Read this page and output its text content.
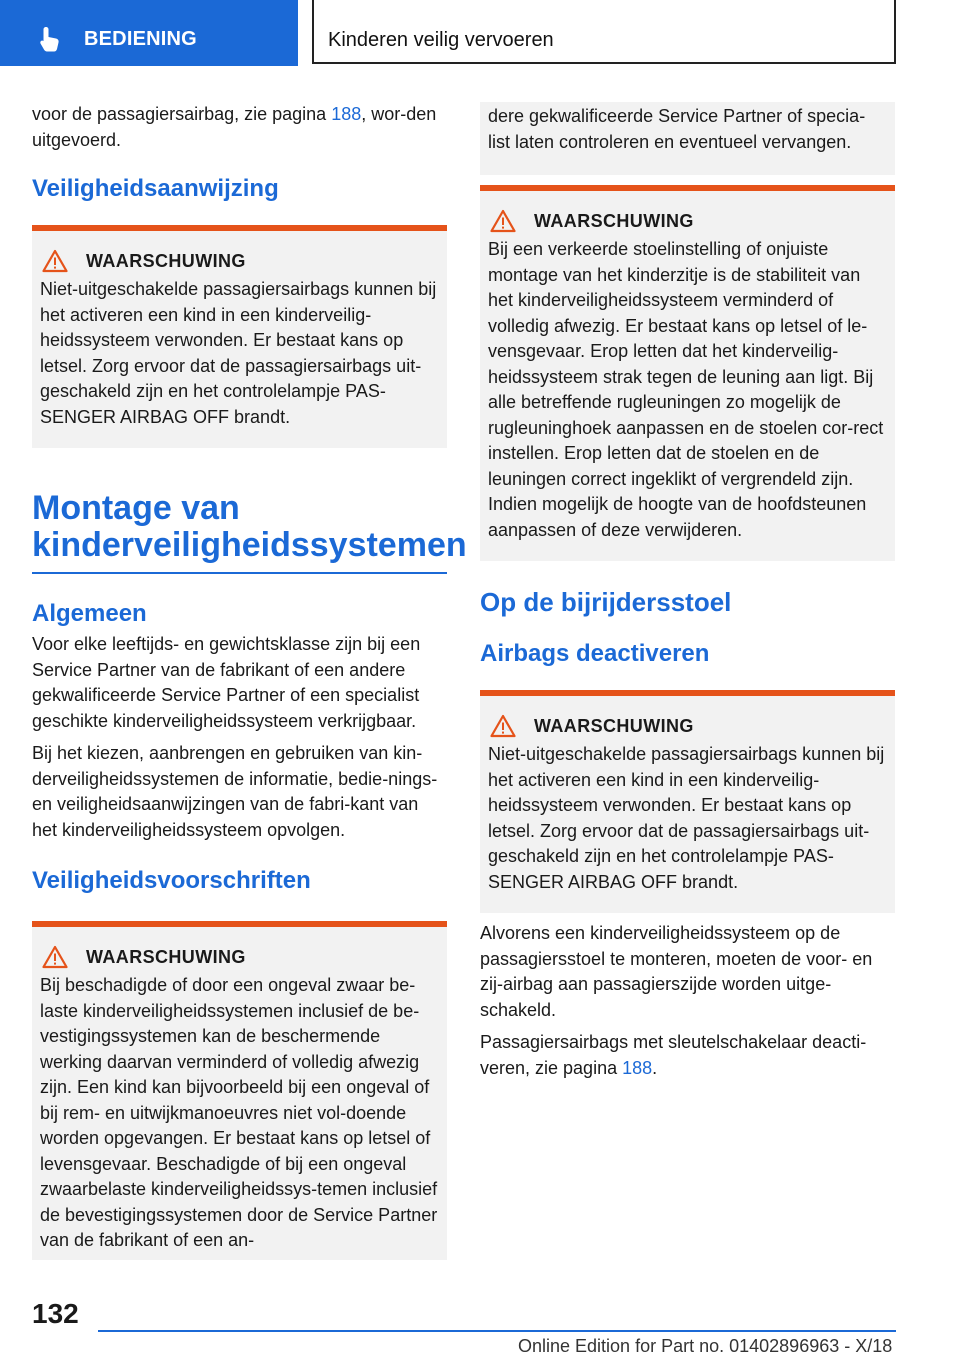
BEDIENING	Kinderen veilig vervoeren

voor de passagiersairbag, zie pagina 188, wor‐den uitgevoerd.

Veiligheidsaanwijzing
WAARSCHUWING

Niet-uitgeschakelde passagiersairbags kunnen bij het activeren een kind in een kinderveilig‐heidssysteem verwonden. Er bestaat kans op letsel. Zorg ervoor dat de passagiersairbags uit‐geschakeld zijn en het controlelampje PAS‐SENGER AIRBAG OFF brandt.

Montage van kinderveiligheidssystemen
Algemeen

Voor elke leeftijds- en gewichtsklasse zijn bij een Service Partner van de fabrikant of een andere gekwalificeerde Service Partner of een specialist geschikte kinderveiligheidssysteem verkrijgbaar.

Bij het kiezen, aanbrengen en gebruiken van kin‐derveiligheidssystemen de informatie, bedie‐nings- en veiligheidsaanwijzingen van de fabri‐kant van het kinderveiligheidssysteem opvolgen.

Veiligheidsvoorschriften
WAARSCHUWING

Bij beschadigde of door een ongeval zwaar be‐laste kinderveiligheidssystemen inclusief de be‐vestigingssystemen kan de beschermende werking daarvan verminderd of volledig afwezig zijn. Een kind kan bijvoorbeeld bij een ongeval of bij rem- en uitwijkmanoeuvres niet vol‐doende worden opgevangen. Er bestaat kans op letsel of levensgevaar. Beschadigde of bij een ongeval zwaarbelaste kinderveiligheidssys‐temen inclusief de bevestigingssystemen door de Service Partner van de fabrikant of een an‐

dere gekwalificeerde Service Partner of specia‐list laten controleren en eventueel vervangen.

WAARSCHUWING

Bij een verkeerde stoelinstelling of onjuiste montage van het kinderzitje is de stabiliteit van het kinderveiligheidssysteem verminderd of volledig afwezig. Er bestaat kans op letsel of le‐vensgevaar. Erop letten dat het kinderveilig‐heidssysteem strak tegen de leuning aan ligt. Bij alle betreffende rugleuningen zo mogelijk de rugleuninghoek aanpassen en de stoelen cor‐rect instellen. Erop letten dat de stoelen en de leuningen correct ingeklikt of vergrendeld zijn. Indien mogelijk de hoogte van de hoofdsteunen aanpassen of deze verwijderen.

Op de bijrijdersstoel
Airbags deactiveren
WAARSCHUWING

Niet-uitgeschakelde passagiersairbags kunnen bij het activeren een kind in een kinderveilig‐heidssysteem verwonden. Er bestaat kans op letsel. Zorg ervoor dat de passagiersairbags uit‐geschakeld zijn en het controlelampje PAS‐SENGER AIRBAG OFF brandt.

Alvorens een kinderveiligheidssysteem op de passagiersstoel te monteren, moeten de voor- en zij-airbag aan passagierszijde worden uitge‐schakeld.

Passagiersairbags met sleutelschakelaar deacti‐veren, zie pagina 188.

132
Online Edition for Part no. 01402896963 - X/18
